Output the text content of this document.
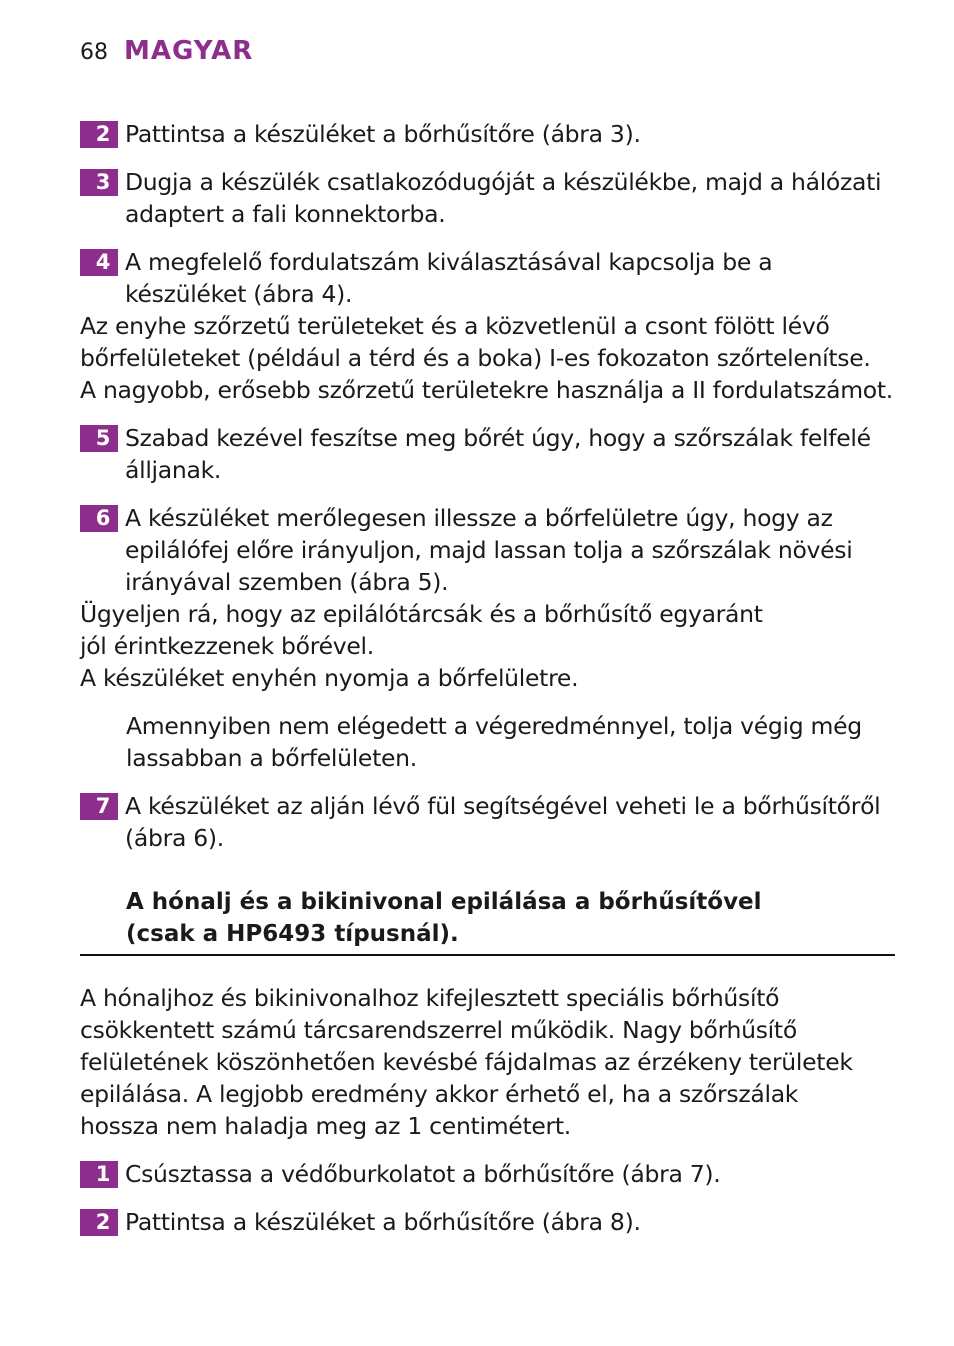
68 MAGYAR
2 Pattintsa a készüléket a bőrhűsítőre (ábra 3).
3 Dugja a készülék csatlakozódugóját a készülékbe, majd a hálózati adaptert a fali konnektorba.
4 A megfelelő fordulatszám kiválasztásával kapcsolja be a készüléket (ábra 4).

Az enyhe szőrzetű területeket és a közvetlenül a csont fölött lévő bőrfelületeket (például a térd és a boka) I-es fokozaton szőrtelenítse.

A nagyobb, erősebb szőrzetű területekre használja a II fordulatszámot.

5 Szabad kezével feszítse meg bőrét úgy, hogy a szőrszálak felfelé álljanak.
6 A készüléket merőlegesen illessze a bőrfelületre úgy, hogy az epilálófej előre irányuljon, majd lassan tolja a szőrszálak növési irányával szemben (ábra 5).

Ügyeljen rá, hogy az epilálótárcsák és a bőrhűsítő egyaránt jól érintkezzenek bőrével.

A készüléket enyhén nyomja a bőrfelületre.

Amennyiben nem elégedett a végeredménnyel, tolja végig még lassabban a bőrfelületen.

7 A készüléket az alján lévő fül segítségével veheti le a bőrhűsítőről (ábra 6).
A hónalj és a bikinivonal epilálása a bőrhűsítővel
(csak a HP6493 típusnál).

A hónaljhoz és bikinivonalhoz kifejlesztett speciális bőrhűsítő csökkentett számú tárcsarendszerrel működik. Nagy bőrhűsítő felületének köszönhetően kevésbé fájdalmas az érzékeny területek epilálása. A legjobb eredmény akkor érhető el, ha a szőrszálak hossza nem haladja meg az 1 centimétert.

1 Csúsztassa a védőburkolatot a bőrhűsítőre (ábra 7).
2 Pattintsa a készüléket a bőrhűsítőre (ábra 8).
